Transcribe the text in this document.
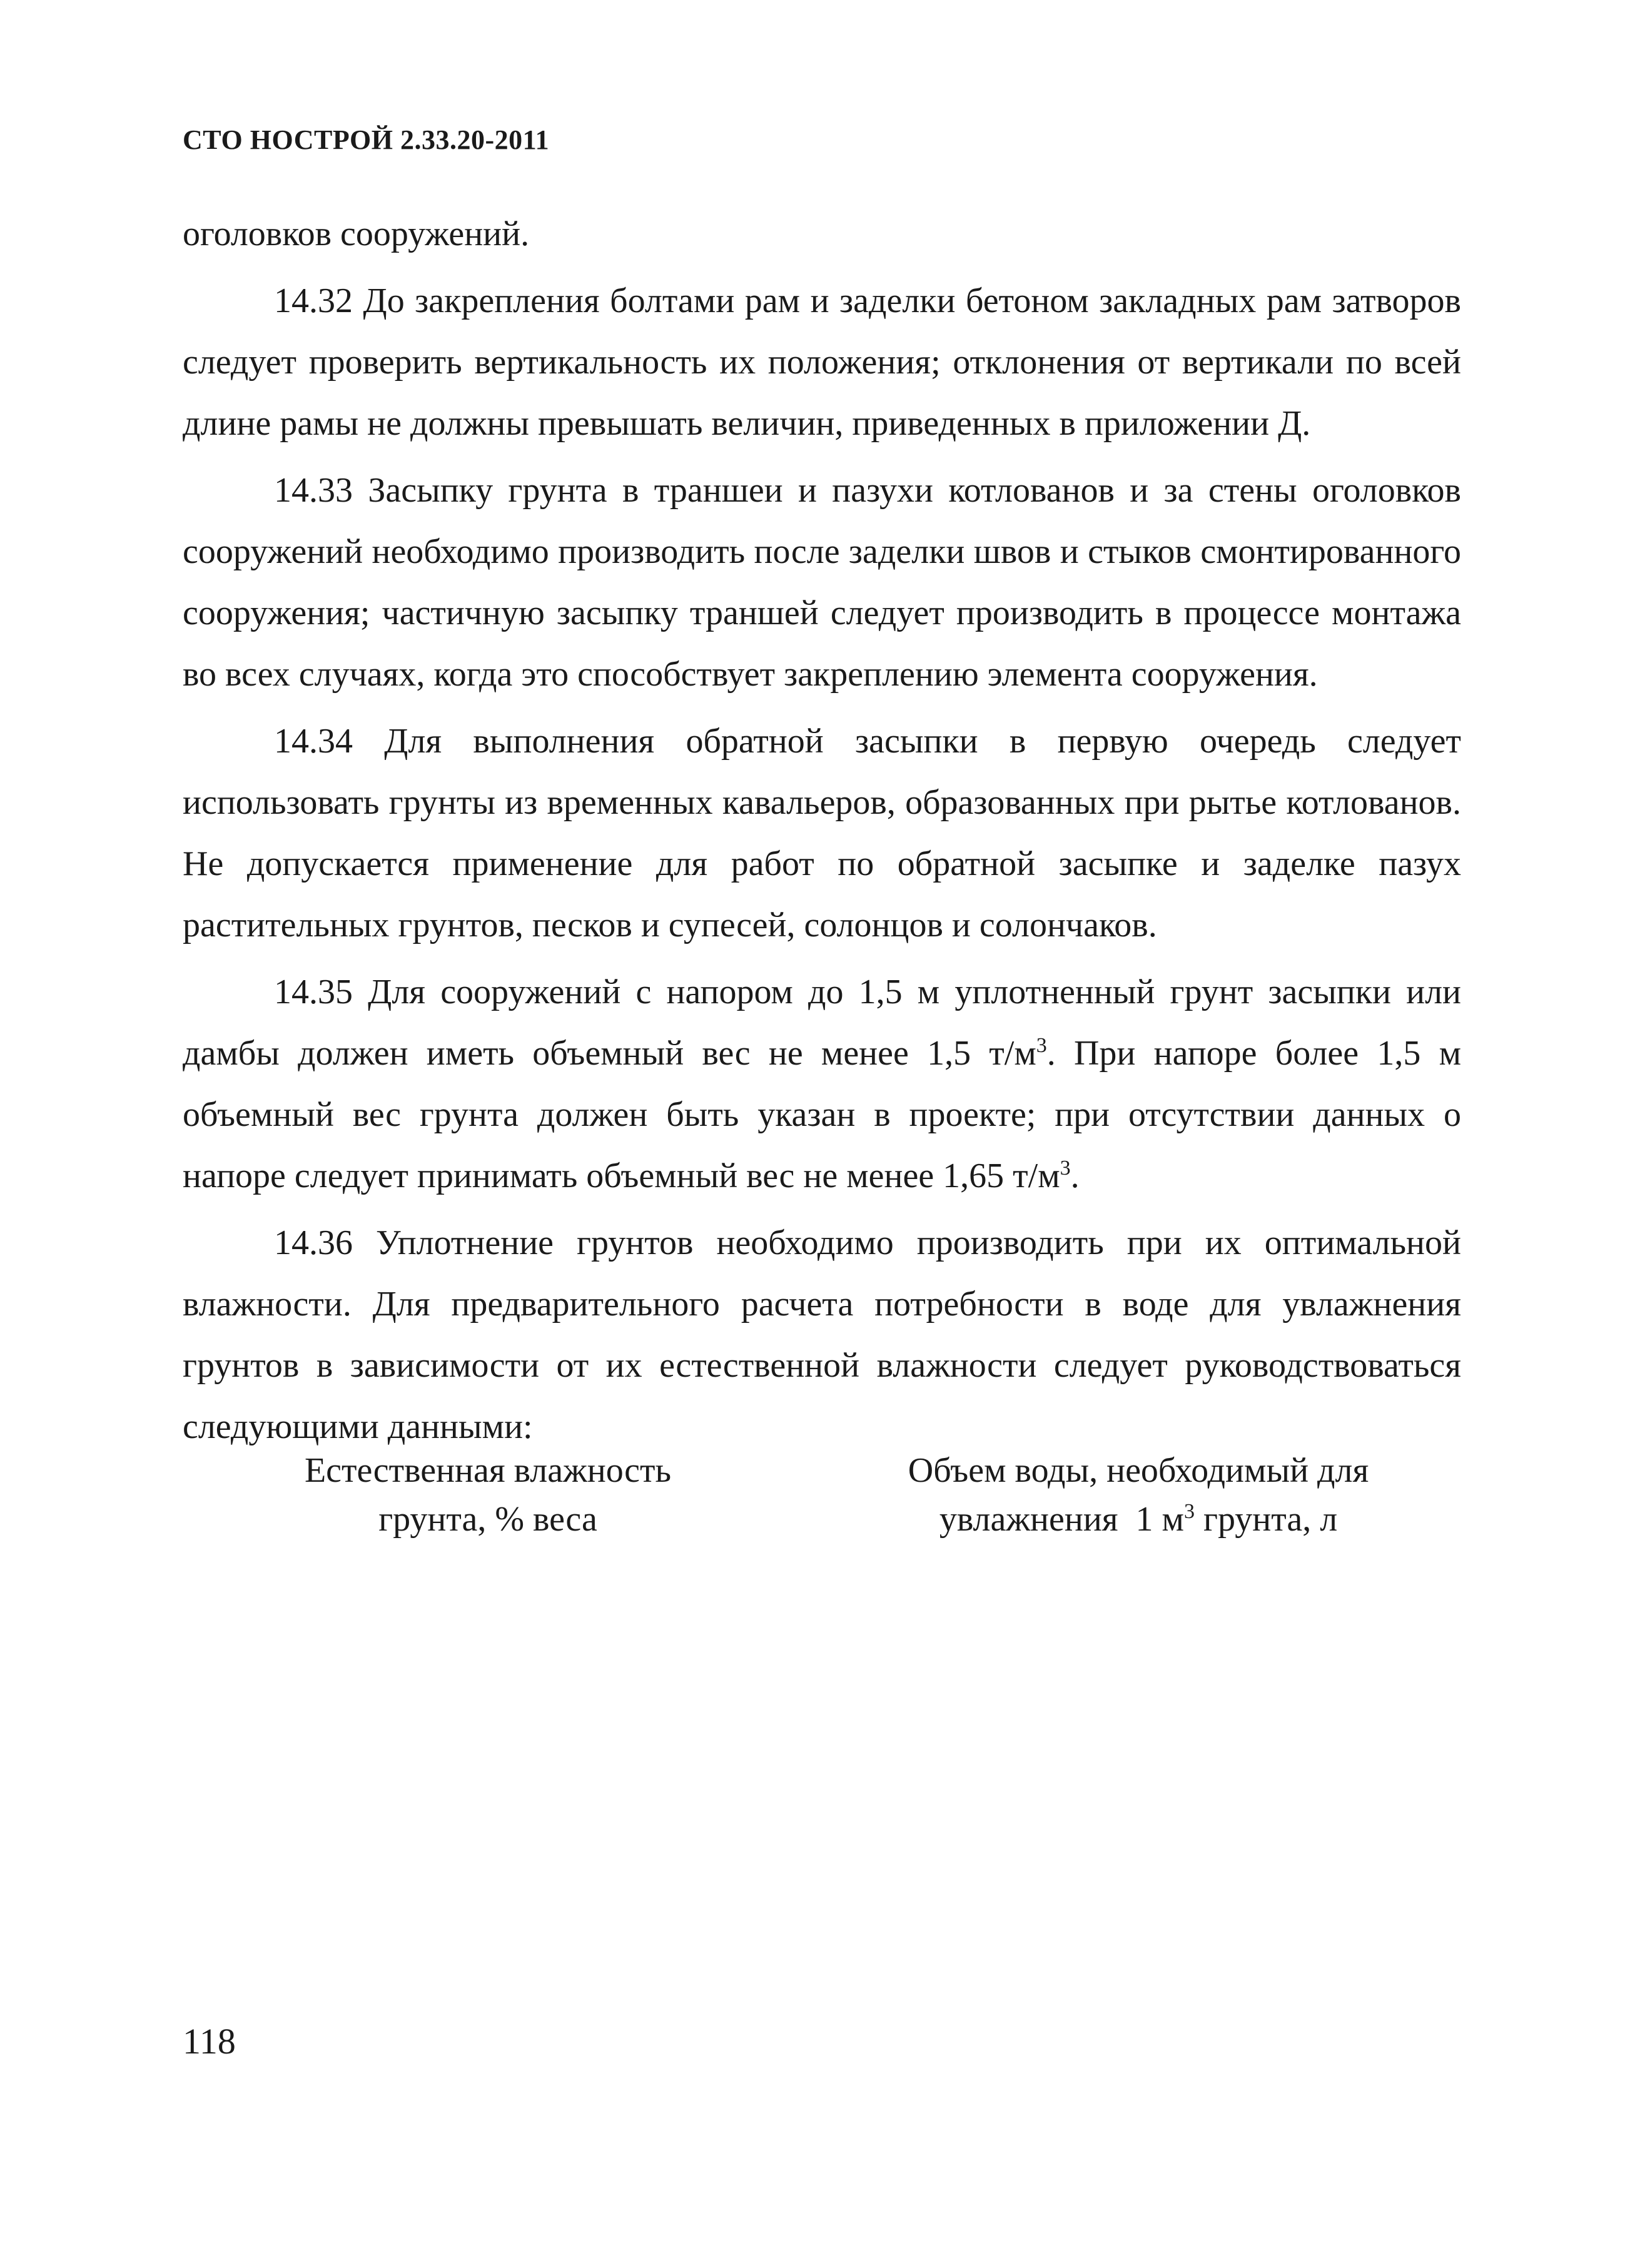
СТО НОСТРОЙ 2.33.20-2011

оголовков сооружений.

14.32 До закрепления болтами рам и заделки бетоном закладных рам затворов следует проверить вертикальность их положения; отклонения от вертикали по всей длине рамы не должны превышать величин, приведенных в приложении Д.

14.33 Засыпку грунта в траншеи и пазухи котлованов и за стены оголовков сооружений необходимо производить после заделки швов и стыков смонтированного сооружения; частичную засыпку траншей следует производить в процессе монтажа во всех случаях, когда это способствует закреплению элемента сооружения.

14.34 Для выполнения обратной засыпки в первую очередь следует использовать грунты из временных кавальеров, образованных при рытье котлованов. Не допускается применение для работ по обратной засыпке и заделке пазух растительных грунтов, песков и супесей, солонцов и солончаков.

14.35 Для сооружений с напором до 1,5 м уплотненный грунт засыпки или дамбы должен иметь объемный вес не менее 1,5 $т/м^3$. При напоре более 1,5 м объемный вес грунта должен быть указан в проекте; при отсутствии данных о напоре следует принимать объемный вес не менее 1,65 $т/м^3$.

14.36 Уплотнение грунтов необходимо производить при их оптимальной влажности. Для предварительного расчета потребности в воде для увлажнения грунтов в зависимости от их естественной влажности следует руководствоваться следующими данными:

Естественная влажность
грунта, % веса
Объем воды, необходимый для
увлажнения  1 $м^3$ грунта, л
118
